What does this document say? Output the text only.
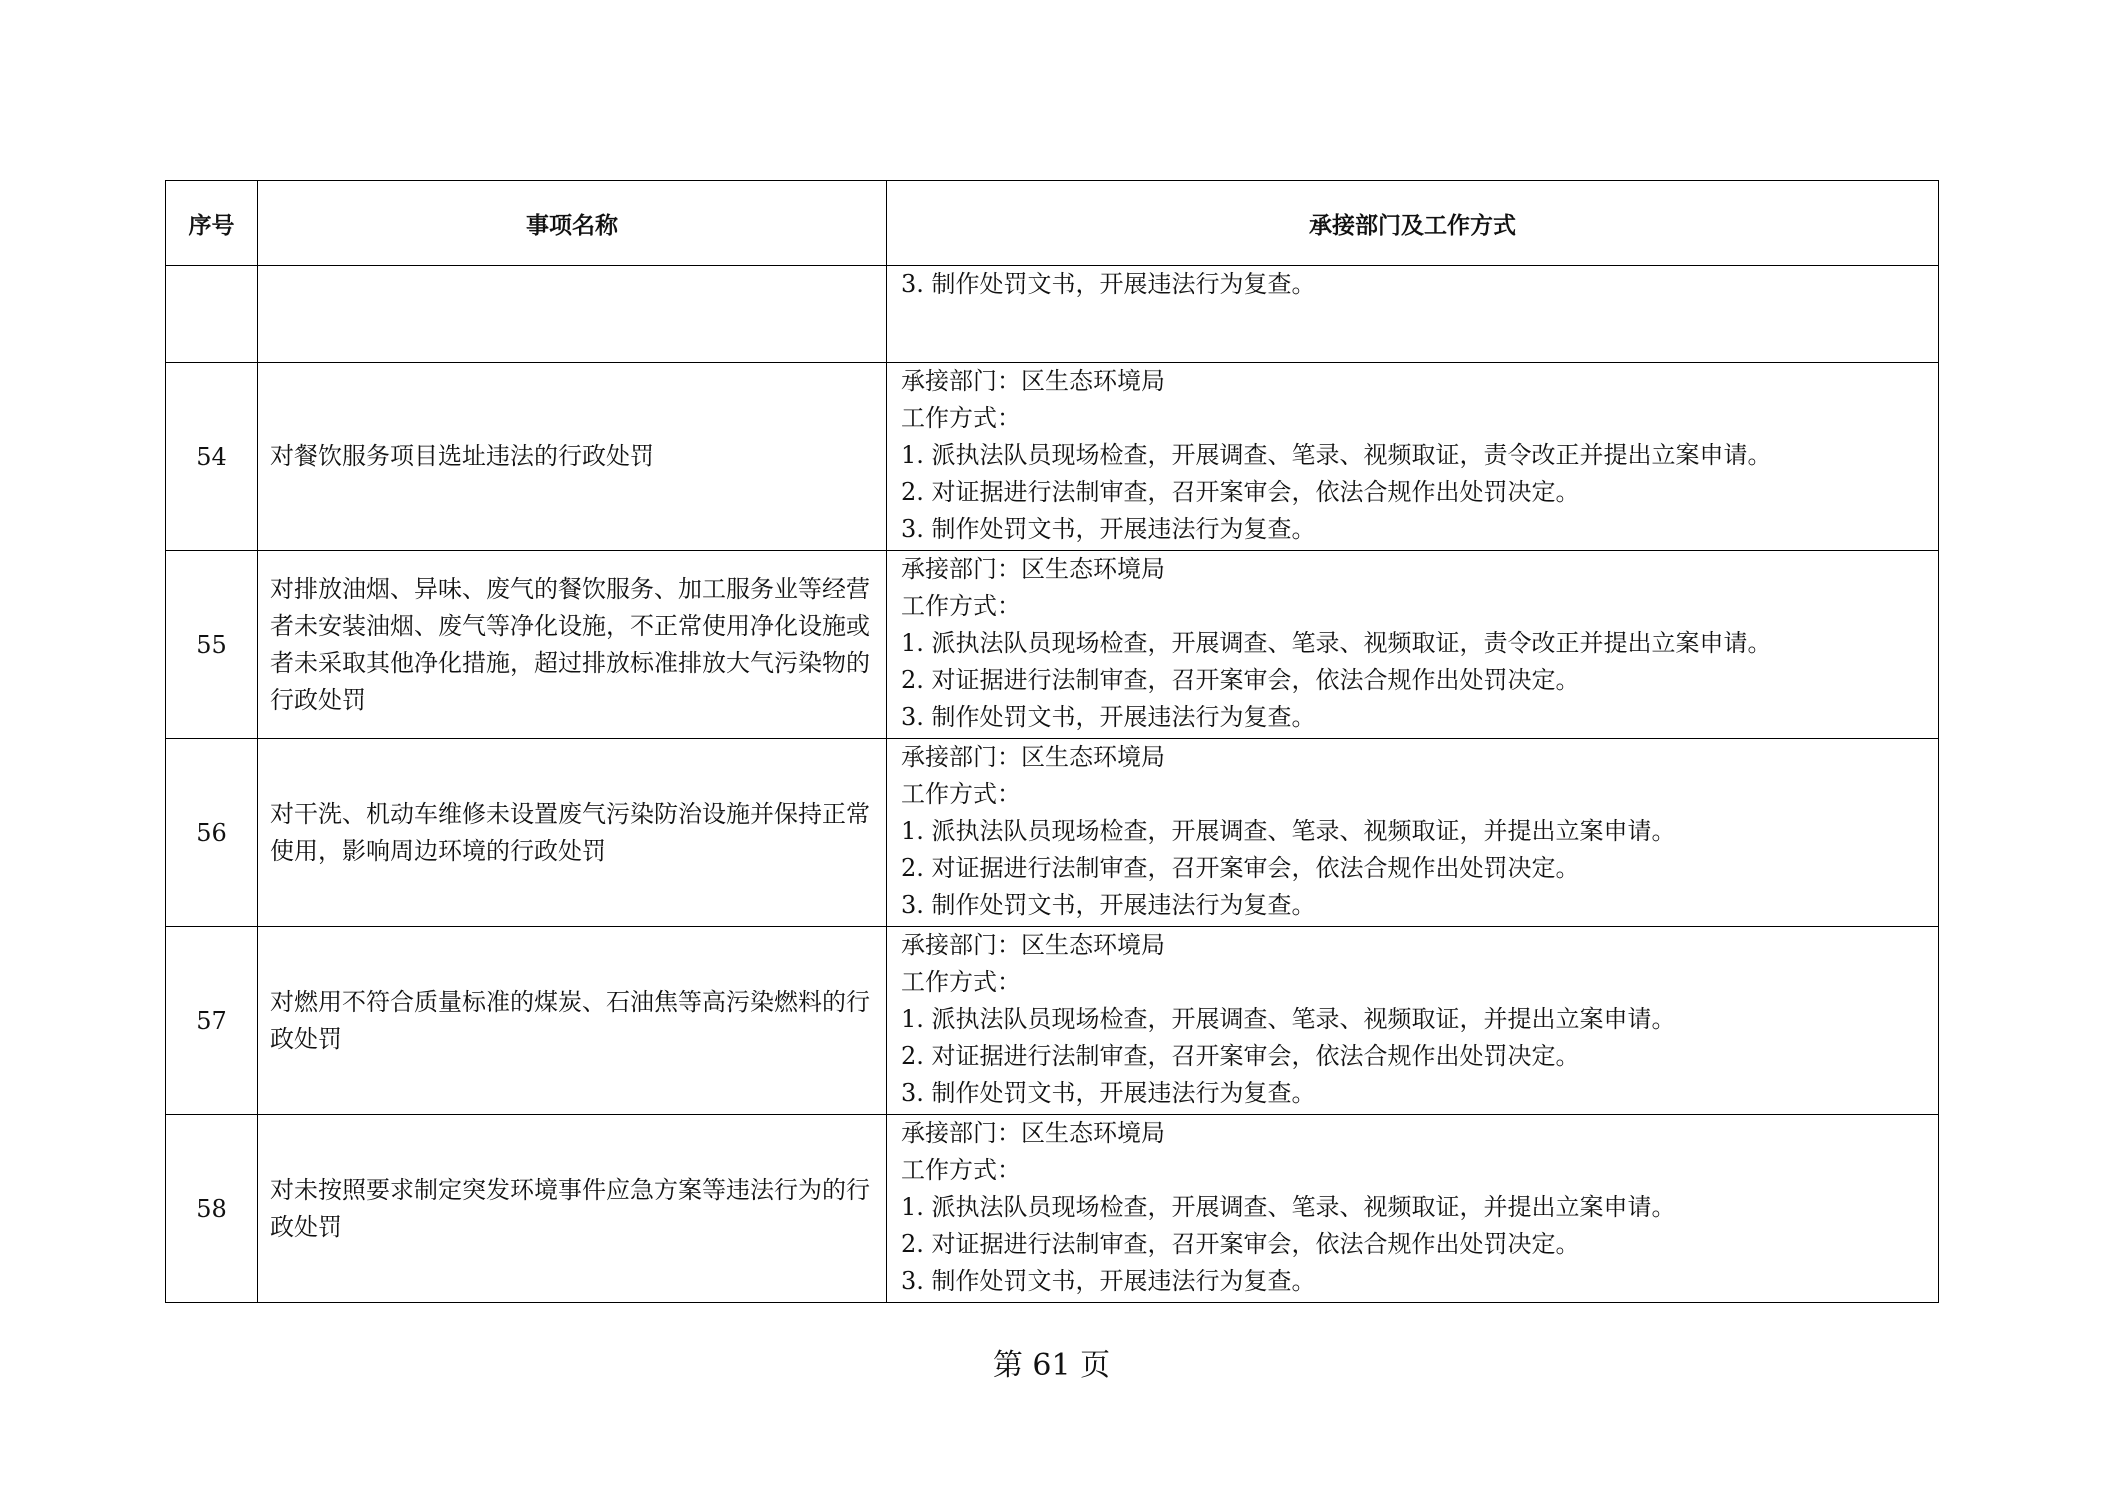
序号	事项名称	承接部门及工作方式

		3. 制作处罚文书，开展违法行为复查。

54	对餐饮服务项目选址违法的行政处罚	承接部门：区生态环境局
工作方式：
1. 派执法队员现场检查，开展调查、笔录、视频取证，责令改正并提出立案申请。
2. 对证据进行法制审查，召开案审会，依法合规作出处罚决定。
3. 制作处罚文书，开展违法行为复查。

55	对排放油烟、异味、废气的餐饮服务、加工服务业等经营者未安装油烟、废气等净化设施，不正常使用净化设施或者未采取其他净化措施，超过排放标准排放大气污染物的行政处罚	承接部门：区生态环境局
工作方式：
1. 派执法队员现场检查，开展调查、笔录、视频取证，责令改正并提出立案申请。
2. 对证据进行法制审查，召开案审会，依法合规作出处罚决定。
3. 制作处罚文书，开展违法行为复查。

56	对干洗、机动车维修未设置废气污染防治设施并保持正常使用，影响周边环境的行政处罚	承接部门：区生态环境局
工作方式：
1. 派执法队员现场检查，开展调查、笔录、视频取证，并提出立案申请。
2. 对证据进行法制审查，召开案审会，依法合规作出处罚决定。
3. 制作处罚文书，开展违法行为复查。

57	对燃用不符合质量标准的煤炭、石油焦等高污染燃料的行政处罚	承接部门：区生态环境局
工作方式：
1. 派执法队员现场检查，开展调查、笔录、视频取证，并提出立案申请。
2. 对证据进行法制审查，召开案审会，依法合规作出处罚决定。
3. 制作处罚文书，开展违法行为复查。

58	对未按照要求制定突发环境事件应急方案等违法行为的行政处罚	承接部门：区生态环境局
工作方式：
1. 派执法队员现场检查，开展调查、笔录、视频取证，并提出立案申请。
2. 对证据进行法制审查，召开案审会，依法合规作出处罚决定。
3. 制作处罚文书，开展违法行为复查。
第 61 页
